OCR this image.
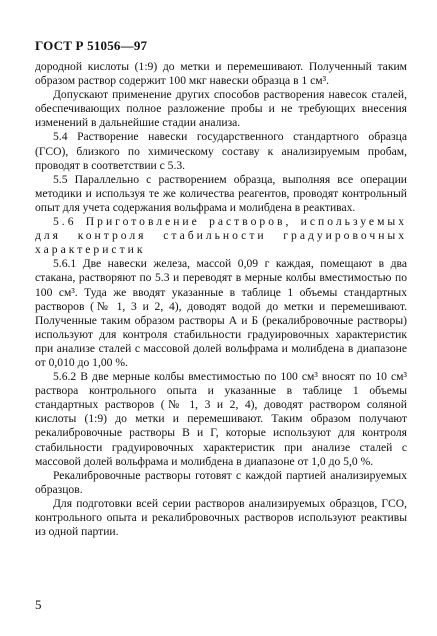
ГОСТ Р 51056—97

дородной кислоты (1:9) до метки и перемешивают. Полученный таким образом раствор содержит 100 мкг навески образца в 1 см³.

Допускают применение других способов растворения навесок сталей, обеспечивающих полное разложение пробы и не требующих внесения изменений в дальнейшие стадии анализа.

5.4 Растворение навески государственного стандартного образца (ГСО), близкого по химическому составу к анализируемым пробам, проводят в соответствии с 5.3.

5.5 Параллельно с растворением образца, выполняя все операции методики и используя те же количества реагентов, проводят контрольный опыт для учета содержания вольфрама и молибдена в реактивах.

5.6 Приготовление растворов, используемых для контроля стабильности градуировочных характеристик

5.6.1 Две навески железа, массой 0,09 г каждая, помещают в два стакана, растворяют по 5.3 и переводят в мерные колбы вместимостью по 100 см³. Туда же вводят указанные в таблице 1 объемы стандартных растворов (№ 1, 3 и 2, 4), доводят водой до метки и перемешивают. Полученные таким образом растворы А и Б (рекалибровочные растворы) используют для контроля стабильности градуировочных характеристик при анализе сталей с массовой долей вольфрама и молибдена в диапазоне от 0,010 до 1,00 %.

5.6.2 В две мерные колбы вместимостью по 100 см³ вносят по 10 см³ раствора контрольного опыта и указанные в таблице 1 объемы стандартных растворов (№ 1, 3 и 2, 4), доводят раствором соляной кислоты (1:9) до метки и перемешивают. Таким образом получают рекалибровочные растворы В и Г, которые используют для контроля стабильности градуировочных характеристик при анализе сталей с массовой долей вольфрама и молибдена в диапазоне от 1,0 до 5,0 %.

Рекалибровочные растворы готовят с каждой партией анализируемых образцов.

Для подготовки всей серии растворов анализируемых образцов, ГСО, контрольного опыта и рекалибровочных растворов используют реактивы из одной партии.

5
